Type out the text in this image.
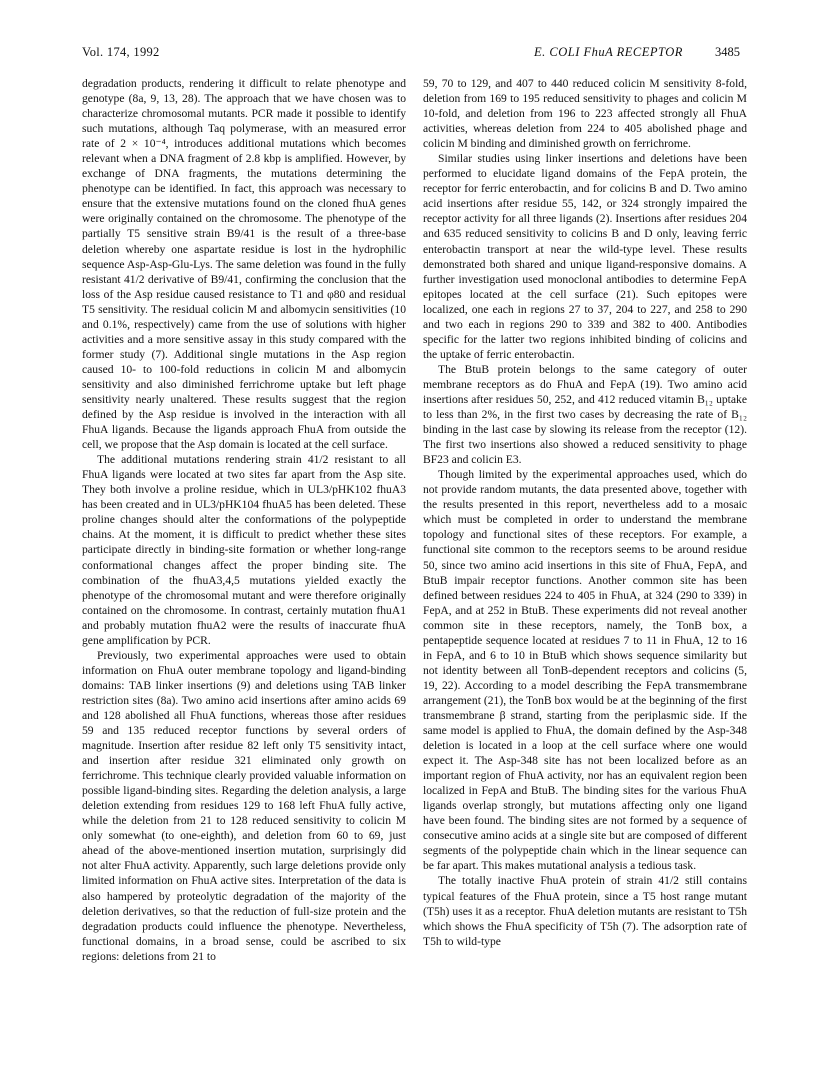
Vol. 174, 1992	E. COLI FhuA RECEPTOR	3485

degradation products, rendering it difficult to relate phenotype and genotype (8a, 9, 13, 28). The approach that we have chosen was to characterize chromosomal mutants. PCR made it possible to identify such mutations, although Taq polymerase, with an measured error rate of 2 × 10⁻⁴, introduces additional mutations which becomes relevant when a DNA fragment of 2.8 kbp is amplified. However, by exchange of DNA fragments, the mutations determining the phenotype can be identified. In fact, this approach was necessary to ensure that the extensive mutations found on the cloned fhuA genes were originally contained on the chromosome. The phenotype of the partially T5 sensitive strain B9/41 is the result of a three-base deletion whereby one aspartate residue is lost in the hydrophilic sequence Asp-Asp-Glu-Lys. The same deletion was found in the fully resistant 41/2 derivative of B9/41, confirming the conclusion that the loss of the Asp residue caused resistance to T1 and φ80 and residual T5 sensitivity. The residual colicin M and albomycin sensitivities (10 and 0.1%, respectively) came from the use of solutions with higher activities and a more sensitive assay in this study compared with the former study (7). Additional single mutations in the Asp region caused 10- to 100-fold reductions in colicin M and albomycin sensitivity and also diminished ferrichrome uptake but left phage sensitivity nearly unaltered. These results suggest that the region defined by the Asp residue is involved in the interaction with all FhuA ligands. Because the ligands approach FhuA from outside the cell, we propose that the Asp domain is located at the cell surface.

The additional mutations rendering strain 41/2 resistant to all FhuA ligands were located at two sites far apart from the Asp site. They both involve a proline residue, which in UL3/pHK102 fhuA3 has been created and in UL3/pHK104 fhuA5 has been deleted. These proline changes should alter the conformations of the polypeptide chains. At the moment, it is difficult to predict whether these sites participate directly in binding-site formation or whether long-range conformational changes affect the proper binding site. The combination of the fhuA3,4,5 mutations yielded exactly the phenotype of the chromosomal mutant and were therefore originally contained on the chromosome. In contrast, certainly mutation fhuA1 and probably mutation fhuA2 were the results of inaccurate fhuA gene amplification by PCR.

Previously, two experimental approaches were used to obtain information on FhuA outer membrane topology and ligand-binding domains: TAB linker insertions (9) and deletions using TAB linker restriction sites (8a). Two amino acid insertions after amino acids 69 and 128 abolished all FhuA functions, whereas those after residues 59 and 135 reduced receptor functions by several orders of magnitude. Insertion after residue 82 left only T5 sensitivity intact, and insertion after residue 321 eliminated only growth on ferrichrome. This technique clearly provided valuable information on possible ligand-binding sites. Regarding the deletion analysis, a large deletion extending from residues 129 to 168 left FhuA fully active, while the deletion from 21 to 128 reduced sensitivity to colicin M only somewhat (to one-eighth), and deletion from 60 to 69, just ahead of the above-mentioned insertion mutation, surprisingly did not alter FhuA activity. Apparently, such large deletions provide only limited information on FhuA active sites. Interpretation of the data is also hampered by proteolytic degradation of the majority of the deletion derivatives, so that the reduction of full-size protein and the degradation products could influence the phenotype. Nevertheless, functional domains, in a broad sense, could be ascribed to six regions: deletions from 21 to

59, 70 to 129, and 407 to 440 reduced colicin M sensitivity 8-fold, deletion from 169 to 195 reduced sensitivity to phages and colicin M 10-fold, and deletion from 196 to 223 affected strongly all FhuA activities, whereas deletion from 224 to 405 abolished phage and colicin M binding and diminished growth on ferrichrome.

Similar studies using linker insertions and deletions have been performed to elucidate ligand domains of the FepA protein, the receptor for ferric enterobactin, and for colicins B and D. Two amino acid insertions after residue 55, 142, or 324 strongly impaired the receptor activity for all three ligands (2). Insertions after residues 204 and 635 reduced sensitivity to colicins B and D only, leaving ferric enterobactin transport at near the wild-type level. These results demonstrated both shared and unique ligand-responsive domains. A further investigation used monoclonal antibodies to determine FepA epitopes located at the cell surface (21). Such epitopes were localized, one each in regions 27 to 37, 204 to 227, and 258 to 290 and two each in regions 290 to 339 and 382 to 400. Antibodies specific for the latter two regions inhibited binding of colicins and the uptake of ferric enterobactin.

The BtuB protein belongs to the same category of outer membrane receptors as do FhuA and FepA (19). Two amino acid insertions after residues 50, 252, and 412 reduced vitamin B₁₂ uptake to less than 2%, in the first two cases by decreasing the rate of B₁₂ binding in the last case by slowing its release from the receptor (12). The first two insertions also showed a reduced sensitivity to phage BF23 and colicin E3.

Though limited by the experimental approaches used, which do not provide random mutants, the data presented above, together with the results presented in this report, nevertheless add to a mosaic which must be completed in order to understand the membrane topology and functional sites of these receptors. For example, a functional site common to the receptors seems to be around residue 50, since two amino acid insertions in this site of FhuA, FepA, and BtuB impair receptor functions. Another common site has been defined between residues 224 to 405 in FhuA, at 324 (290 to 339) in FepA, and at 252 in BtuB. These experiments did not reveal another common site in these receptors, namely, the TonB box, a pentapeptide sequence located at residues 7 to 11 in FhuA, 12 to 16 in FepA, and 6 to 10 in BtuB which shows sequence similarity but not identity between all TonB-dependent receptors and colicins (5, 19, 22). According to a model describing the FepA transmembrane arrangement (21), the TonB box would be at the beginning of the first transmembrane β strand, starting from the periplasmic side. If the same model is applied to FhuA, the domain defined by the Asp-348 deletion is located in a loop at the cell surface where one would expect it. The Asp-348 site has not been localized before as an important region of FhuA activity, nor has an equivalent region been localized in FepA and BtuB. The binding sites for the various FhuA ligands overlap strongly, but mutations affecting only one ligand have been found. The binding sites are not formed by a sequence of consecutive amino acids at a single site but are composed of different segments of the polypeptide chain which in the linear sequence can be far apart. This makes mutational analysis a tedious task.

The totally inactive FhuA protein of strain 41/2 still contains typical features of the FhuA protein, since a T5 host range mutant (T5h) uses it as a receptor. FhuA deletion mutants are resistant to T5h which shows the FhuA specificity of T5h (7). The adsorption rate of T5h to wild-type
